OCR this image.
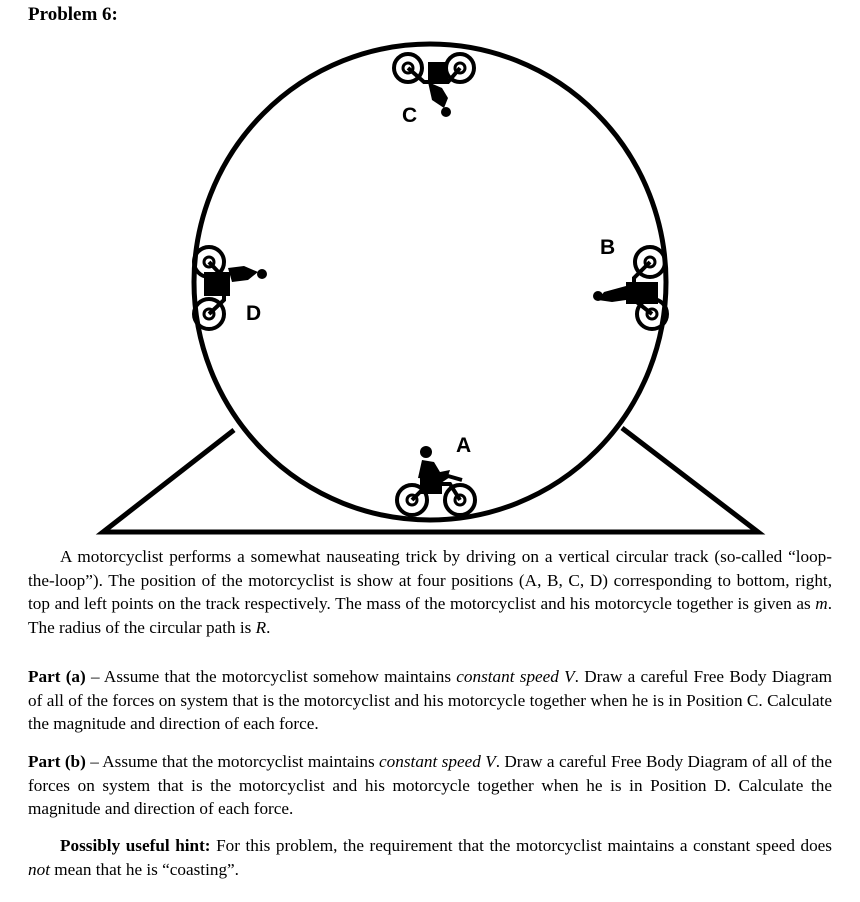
Problem 6:
A
B
C
D
A motorcyclist performs a somewhat nauseating trick by driving on a vertical circular track (so-called “loop-the-loop”). The position of the motorcyclist is show at four positions (A, B, C, D) corresponding to bottom, right, top and left points on the track respectively. The mass of the motorcyclist and his motorcycle together is given as m. The radius of the circular path is R.
Part (a) – Assume that the motorcyclist somehow maintains constant speed V. Draw a careful Free Body Diagram of all of the forces on system that is the motorcyclist and his motorcycle together when he is in Position C. Calculate the magnitude and direction of each force.
Part (b) – Assume that the motorcyclist maintains constant speed V. Draw a careful Free Body Diagram of all of the forces on system that is the motorcyclist and his motorcycle together when he is in Position D. Calculate the magnitude and direction of each force.
Possibly useful hint: For this problem, the requirement that the motorcyclist maintains a constant speed does not mean that he is “coasting”.
